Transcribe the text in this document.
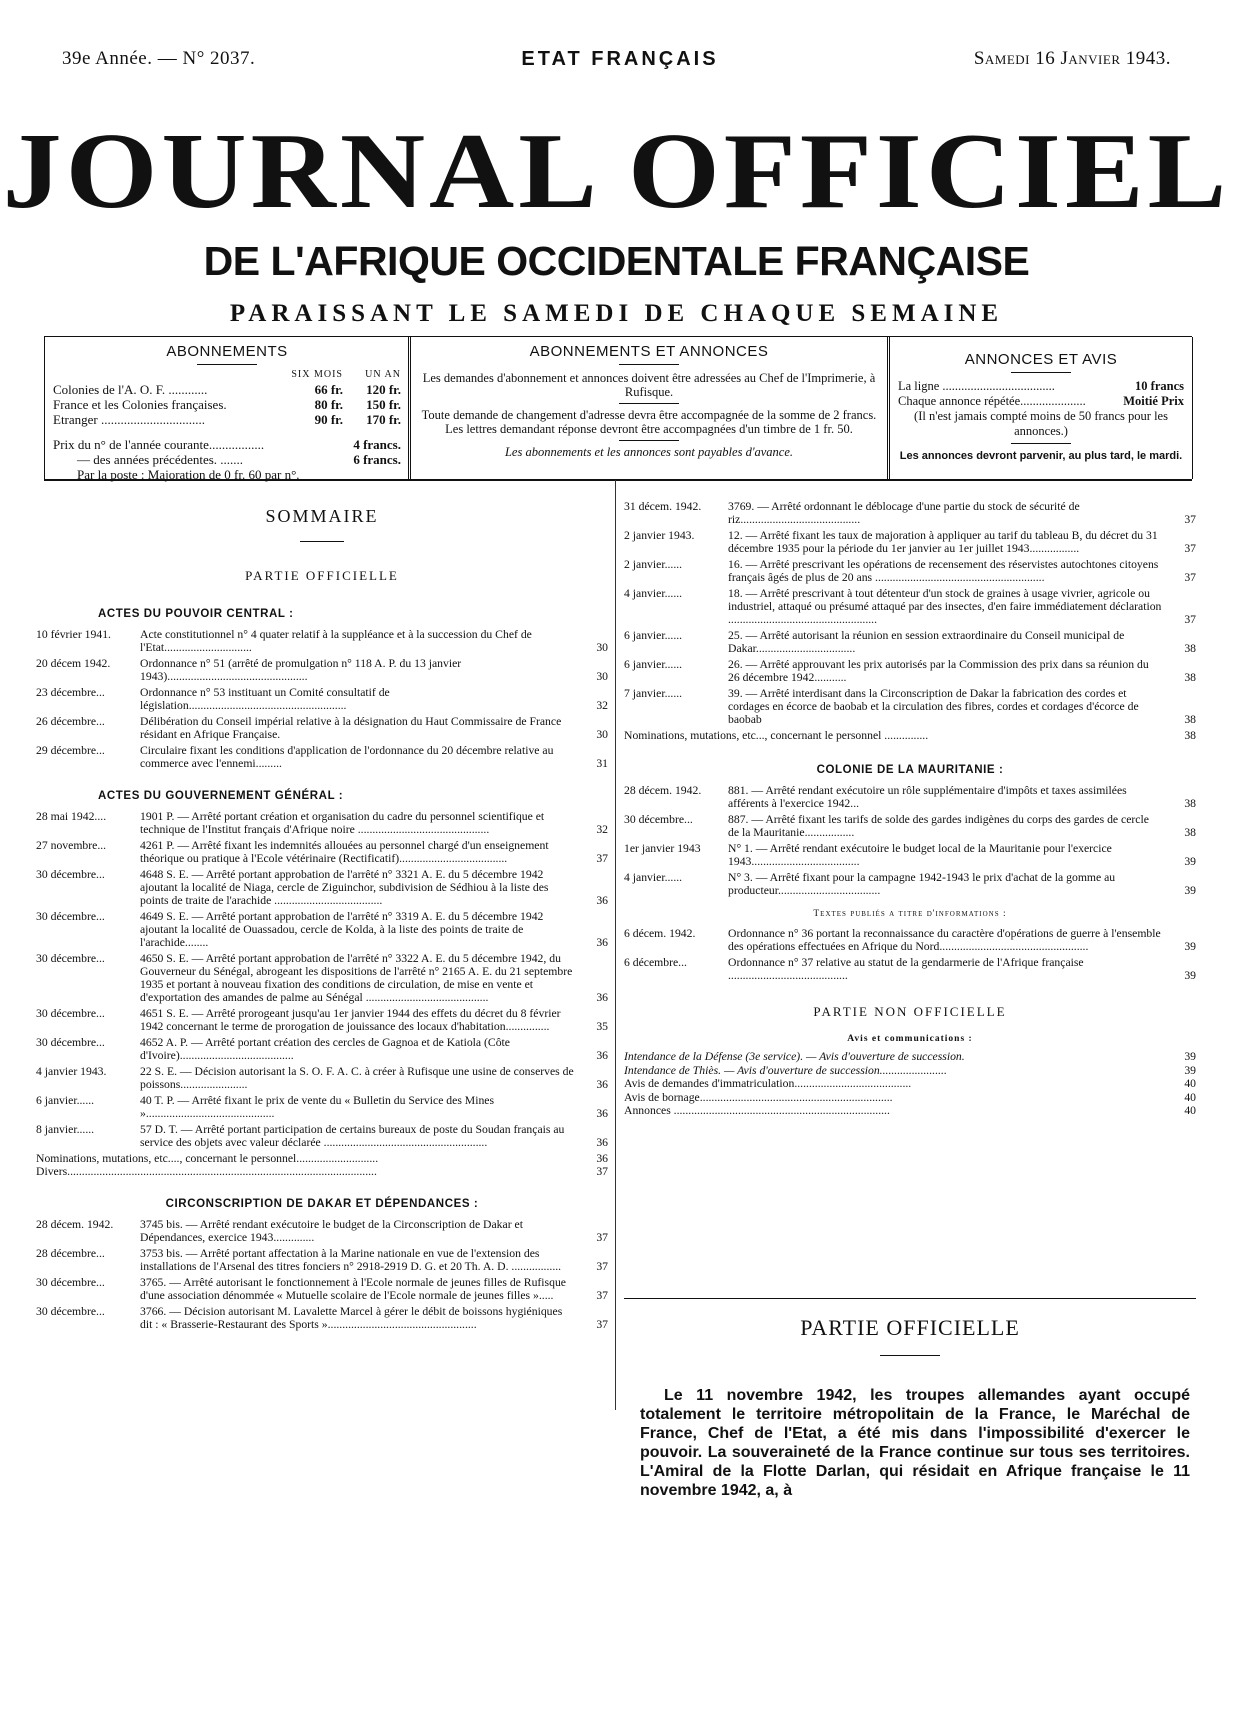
39e Année. — N° 2037.	ETAT FRANÇAIS	Samedi 16 Janvier 1943.
JOURNAL OFFICIEL
DE L'AFRIQUE OCCIDENTALE FRANÇAISE
PARAISSANT LE SAMEDI DE CHAQUE SEMAINE
ABONNEMENTS
SIX MOIS	UN AN
Colonies de l'A. O. F. ............	66 fr.	120 fr.
France et les Colonies françaises.	80 fr.	150 fr.
Etranger ................................	90 fr.	170 fr.
Prix du n° de l'année courante.................	4 francs.
— des années précédentes. .......	6 francs.
Par la poste : Majoration de 0 fr. 60 par n°.
ABONNEMENTS ET ANNONCES

Les demandes d'abonnement et annonces doivent être adressées au Chef de l'Imprimerie, à Rufisque.

Toute demande de changement d'adresse devra être accompagnée de la somme de 2 francs. Les lettres demandant réponse devront être accompagnées d'un timbre de 1 fr. 50.

Les abonnements et les annonces sont payables d'avance.

ANNONCES ET AVIS
La ligne ....................................	10 francs
Chaque annonce répétée.....................	Moitié Prix
(Il n'est jamais compté moins de 50 francs pour les annonces.)
Les annonces devront parvenir, au plus tard, le mardi.
SOMMAIRE
PARTIE OFFICIELLE
ACTES DU POUVOIR CENTRAL :
10 février 1941.	Acte constitutionnel n° 4 quater relatif à la suppléance et à la succession du Chef de l'Etat..............................	30
20 décem 1942.	Ordonnance n° 51 (arrêté de promulgation n° 118 A. P. du 13 janvier 1943)................................................	30
23 décembre...	Ordonnance n° 53 instituant un Comité consultatif de législation......................................................	32
26 décembre...	Délibération du Conseil impérial relative à la désignation du Haut Commissaire de France résidant en Afrique Française.	30
29 décembre...	Circulaire fixant les conditions d'application de l'ordonnance du 20 décembre relative au commerce avec l'ennemi.........	31
ACTES DU GOUVERNEMENT GÉNÉRAL :
28 mai 1942....	1901 P. — Arrêté portant création et organisation du cadre du personnel scientifique et technique de l'Institut français d'Afrique noire .............................................	32
27 novembre...	4261 P. — Arrêté fixant les indemnités allouées au personnel chargé d'un enseignement théorique ou pratique à l'Ecole vétérinaire (Rectificatif).....................................	37
30 décembre...	4648 S. E. — Arrêté portant approbation de l'arrêté n° 3321 A. E. du 5 décembre 1942 ajoutant la localité de Niaga, cercle de Ziguinchor, subdivision de Sédhiou à la liste des points de traite de l'arachide .....................................	36
30 décembre...	4649 S. E. — Arrêté portant approbation de l'arrêté n° 3319 A. E. du 5 décembre 1942 ajoutant la localité de Ouassadou, cercle de Kolda, à la liste des points de traite de l'arachide........	36
30 décembre...	4650 S. E. — Arrêté portant approbation de l'arrêté n° 3322 A. E. du 5 décembre 1942, du Gouverneur du Sénégal, abrogeant les dispositions de l'arrêté n° 2165 A. E. du 21 septembre 1935 et portant à nouveau fixation des conditions de circulation, de mise en vente et d'exportation des amandes de palme au Sénégal ..........................................	36
30 décembre...	4651 S. E. — Arrêté prorogeant jusqu'au 1er janvier 1944 des effets du décret du 8 février 1942 concernant le terme de prorogation de jouissance des locaux d'habitation...............	35
30 décembre...	4652 A. P. — Arrêté portant création des cercles de Gagnoa et de Katiola (Côte d'Ivoire).......................................	36
4 janvier 1943.	22 S. E. — Décision autorisant la S. O. F. A. C. à créer à Rufisque une usine de conserves de poissons.......................	36
6 janvier......	40 T. P. — Arrêté fixant le prix de vente du « Bulletin du Service des Mines »............................................	36
8 janvier......	57 D. T. — Arrêté portant participation de certains bureaux de poste du Soudan français au service des objets avec valeur déclarée ........................................................	36
Nominations, mutations, etc...., concernant le personnel............................	36
Divers..........................................................................................................	37
CIRCONSCRIPTION DE DAKAR ET DÉPENDANCES :
28 décem. 1942.	3745 bis. — Arrêté rendant exécutoire le budget de la Circonscription de Dakar et Dépendances, exercice 1943..............	37
28 décembre...	3753 bis. — Arrêté portant affectation à la Marine nationale en vue de l'extension des installations de l'Arsenal des titres fonciers n° 2918-2919 D. G. et 20 Th. A. D. .................	37
30 décembre...	3765. — Arrêté autorisant le fonctionnement à l'Ecole normale de jeunes filles de Rufisque d'une association dénommée « Mutuelle scolaire de l'Ecole normale de jeunes filles ».....	37
30 décembre...	3766. — Décision autorisant M. Lavalette Marcel à gérer le débit de boissons hygiéniques dit : « Brasserie-Restaurant des Sports »...................................................	37
31 décem. 1942.	3769. — Arrêté ordonnant le déblocage d'une partie du stock de sécurité de riz.........................................	37
2 janvier 1943.	12. — Arrêté fixant les taux de majoration à appliquer au tarif du tableau B, du décret du 31 décembre 1935 pour la période du 1er janvier au 1er juillet 1943.................	37
2 janvier......	16. — Arrêté prescrivant les opérations de recensement des réservistes autochtones citoyens français âgés de plus de 20 ans ..........................................................	37
4 janvier......	18. — Arrêté prescrivant à tout détenteur d'un stock de graines à usage vivrier, agricole ou industriel, attaqué ou présumé attaqué par des insectes, d'en faire immédiatement déclaration ...................................................	37
6 janvier......	25. — Arrêté autorisant la réunion en session extraordinaire du Conseil municipal de Dakar..................................	38
6 janvier......	26. — Arrêté approuvant les prix autorisés par la Commission des prix dans sa réunion du 26 décembre 1942...........	38
7 janvier......	39. — Arrêté interdisant dans la Circonscription de Dakar la fabrication des cordes et cordages en écorce de baobab et la circulation des fibres, cordes et cordages d'écorce de baobab	38
Nominations, mutations, etc..., concernant le personnel ...............	38
COLONIE DE LA MAURITANIE :
28 décem. 1942.	881. — Arrêté rendant exécutoire un rôle supplémentaire d'impôts et taxes assimilées afférents à l'exercice 1942...	38
30 décembre...	887. — Arrêté fixant les tarifs de solde des gardes indigènes du corps des gardes de cercle de la Mauritanie.................	38
1er janvier 1943	N° 1. — Arrêté rendant exécutoire le budget local de la Mauritanie pour l'exercice 1943.....................................	39
4 janvier......	N° 3. — Arrêté fixant pour la campagne 1942-1943 le prix d'achat de la gomme au producteur...................................	39
Textes publiés a titre d'informations :
6 décem. 1942.	Ordonnance n° 36 portant la reconnaissance du caractère d'opérations de guerre à l'ensemble des opérations effectuées en Afrique du Nord...................................................	39
6 décembre...	Ordonnance n° 37 relative au statut de la gendarmerie de l'Afrique française .........................................	39
PARTIE NON OFFICIELLE
Avis et communications :
Intendance de la Défense (3e service). — Avis d'ouverture de succession.	39
Intendance de Thiès. — Avis d'ouverture de succession.......................	39
Avis de demandes d'immatriculation........................................	40
Avis de bornage..................................................................	40
Annonces ..........................................................................	40
PARTIE OFFICIELLE
Le 11 novembre 1942, les troupes allemandes ayant occupé totalement le territoire métropolitain de la France, le Maréchal de France, Chef de l'Etat, a été mis dans l'impossibilité d'exercer le pouvoir. La souveraineté de la France continue sur tous ses territoires. L'Amiral de la Flotte Darlan, qui résidait en Afrique française le 11 novembre 1942, a, à
